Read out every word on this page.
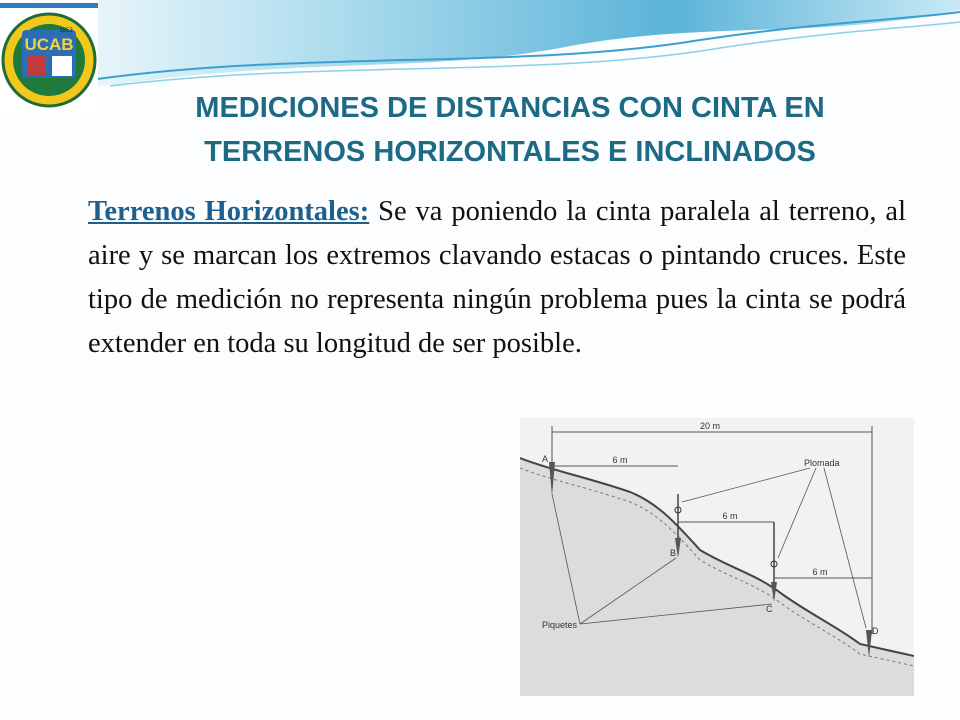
UCAB
1953
MEDICIONES DE DISTANCIAS CON CINTA EN
TERRENOS HORIZONTALES E INCLINADOS

Terrenos Horizontales: Se va poniendo la cinta paralela al terreno, al aire y se marcan los extremos clavando estacas o pintando cruces. Este tipo de medición no representa ningún problema pues la cinta se podrá extender en toda su longitud de ser posible.

20 m
6 m
6 m
6 m
A
B
C
D
Plomada
Piquetes
